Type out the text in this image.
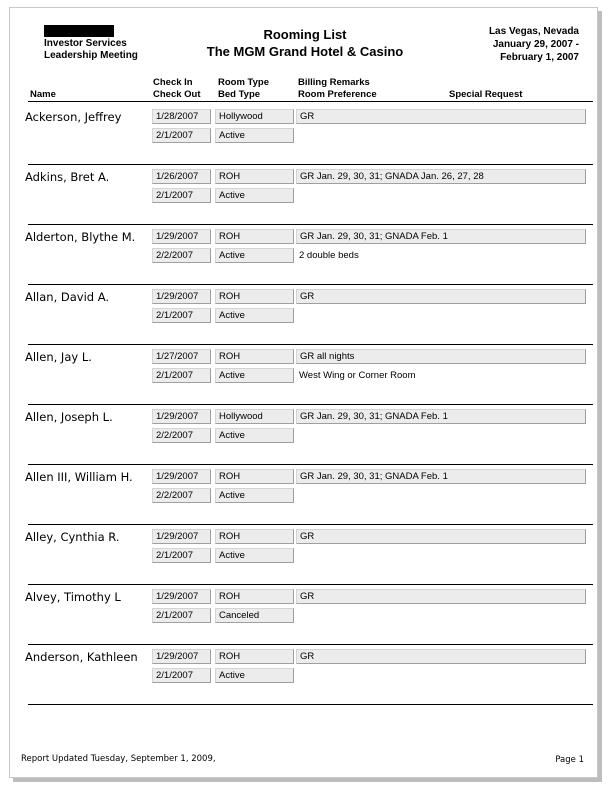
Investor Services
Leadership Meeting
Rooming List
The MGM Grand Hotel & Casino
Las Vegas, Nevada
January 29, 2007 -
February 1, 2007
Name
Check In
Check Out
Room Type
Bed Type
Billing Remarks
Room Preference	Special Request
Ackerson, Jeffrey	1/28/2007	Hollywood	GR
2/1/2007	Active
Adkins, Bret A.	1/26/2007	ROH	GR Jan. 29, 30, 31; GNADA Jan. 26, 27, 28
2/1/2007	Active
Alderton, Blythe M.	1/29/2007	ROH	GR Jan. 29, 30, 31; GNADA Feb. 1
2/2/2007	Active	2 double beds
Allan, David A.	1/29/2007	ROH	GR
2/1/2007	Active
Allen, Jay L.	1/27/2007	ROH	GR all nights
2/1/2007	Active	West Wing or Corner Room
Allen, Joseph L.	1/29/2007	Hollywood	GR Jan. 29, 30, 31; GNADA Feb. 1
2/2/2007	Active
Allen III, William H.	1/29/2007	ROH	GR Jan. 29, 30, 31; GNADA Feb. 1
2/2/2007	Active
Alley, Cynthia R.	1/29/2007	ROH	GR
2/1/2007	Active
Alvey, Timothy L	1/29/2007	ROH	GR
2/1/2007	Canceled
Anderson, Kathleen	1/29/2007	ROH	GR
2/1/2007	Active
Report Updated Tuesday, September 1, 2009,	Page 1
